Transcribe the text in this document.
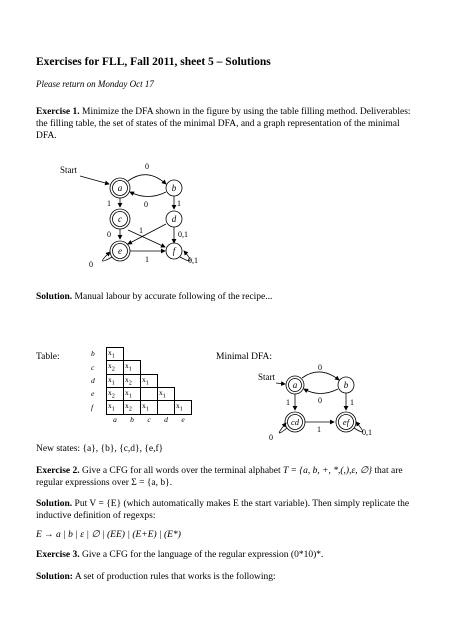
Exercises for FLL, Fall 2011, sheet 5 – Solutions
Please return on Monday Oct 17
Exercise 1. Minimize the DFA shown in the figure by using the table filling method. Deliverables: the filling table, the set of states of the minimal DFA, and a graph representation of the minimal DFA.
Start
a	b
c	d
e	f
0
0
1	1
0	1
1
0,1
0,1
0
Solution. Manual labour by accurate following of the recipe...
Table:	b	$x_1$
c	$x_2$	$x_1$
d	$x_1$	$x_2$	$x_1$
e	$x_2$	$x_1$		$x_1$
f	$x_1$	$x_2$	$x_1$		$x_1$
	a	b	c	d	e
Minimal DFA:
Start
a	b
cd	ef
0
0
1	1
1
0
0,1
New states: {a}, {b}, {c,d}, {e,f}
Exercise 2. Give a CFG for all words over the terminal alphabet T = {a, b, +, *,(,),ε, ∅} that are regular expressions over Σ = {a, b}.
Solution. Put V = {E} (which automatically makes E the start variable). Then simply replicate the inductive definition of regexps:
E → a | b | ε | ∅ | (EE) | (E+E) | (E*)
Exercise 3. Give a CFG for the language of the regular expression (0*10)*.
Solution: A set of production rules that works is the following:
